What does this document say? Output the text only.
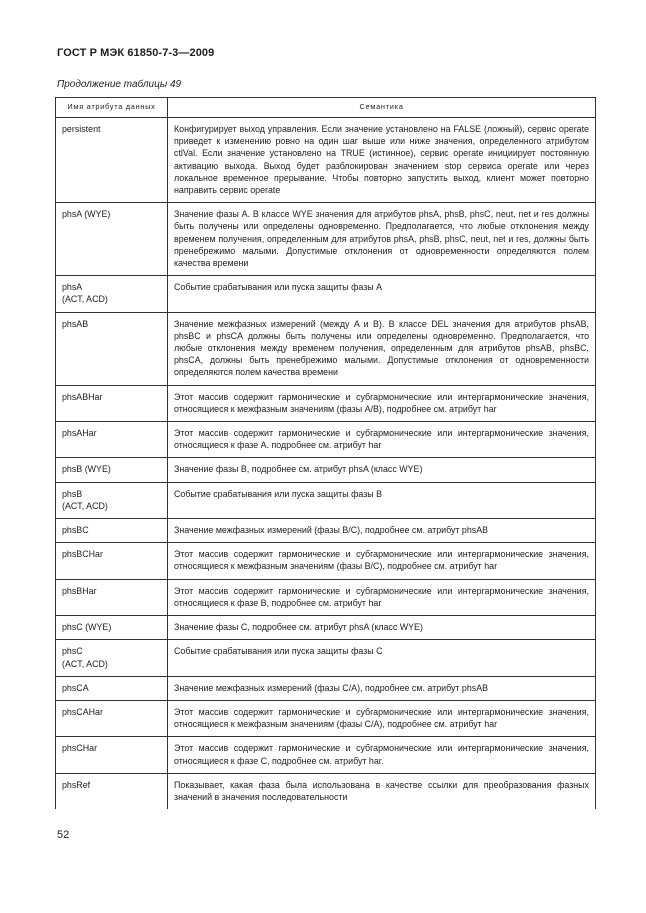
ГОСТ Р МЭК 61850-7-3—2009
Продолжение таблицы 49
Имя атрибута данных	Семантика
persistent	Конфигурирует выход управления. Если значение установлено на FALSE (ложный), сервис operate приведет к изменению ровно на один шаг выше или ниже значения, определенного атрибутом ctlVal. Если значение установлено на TRUE (истинное), сервис operate инициирует постоянную активацию выхода. Выход будет разблокирован значением stop сервиса operate или через локальное временное прерывание. Чтобы повторно запустить выход, клиент может повторно направить сервис operate
phsA (WYE)	Значение фазы A. В классе WYE значения для атрибутов phsA, phsB, phsC, neut, net и res должны быть получены или определены одновременно. Предполагается, что любые отклонения между временем получения, определенным для атрибутов phsA, phsB, phsC, neut, net и res, должны быть пренебрежимо малыми. Допустимые отклонения от одновременности определяются полем качества времени
phsA
(ACT, ACD)	Событие срабатывания или пуска защиты фазы A
phsAB	Значение межфазных измерений (между A и B). В классе DEL значения для атрибутов phsAB, phsBC и phsCA должны быть получены или определены одновременно. Предполагается, что любые отклонения между временем получения, определенным для атрибутов phsAB, phsBC, phsCA, должны быть пренебрежимо малыми. Допустимые отклонения от одновременности определяются полем качества времени
phsABHar	Этот массив содержит гармонические и субгармонические или интергармонические значения, относящиеся к межфазным значениям (фазы A/B), подробнее см. атрибут har
phsAHar	Этот массив содержит гармонические и субгармонические или интергармонические значения, относящиеся к фазе A. подробнее см. атрибут har
phsB (WYE)	Значение фазы B, подробнее см. атрибут phsA (класс WYE)
phsB
(ACT, ACD)	Событие срабатывания или пуска защиты фазы B
phsBC	Значение межфазных измерений (фазы B/C), подробнее см. атрибут phsAB
phsBCHar	Этот массив содержит гармонические и субгармонические или интергармонические значения, относящиеся к межфазным значениям (фазы B/C), подробнее см. атрибут har
phsBHar	Этот массив содержит гармонические и субгармонические или интергармонические значения, относящиеся к фазе B, подробнее см. атрибут har
phsC (WYE)	Значение фазы C, подробнее см. атрибут phsA (класс WYE)
phsC
(ACT, ACD)	Событие срабатывания или пуска защиты фазы C
phsCA	Значение межфазных измерений (фазы C/A), подробнее см. атрибут phsAB
phsCAHar	Этот массив содержит гармонические и субгармонические или интергармонические значения, относящиеся к межфазным значениям (фазы C/A), подробнее см. атрибут har
phsCHar	Этот массив содержит гармонические и субгармонические или интергармонические значения, относящиеся к фазе C, подробнее см. атрибут har.
phsRef	Показывает, какая фаза была использована в качестве ссылки для преобразования фазных значений в значения последовательности
52
